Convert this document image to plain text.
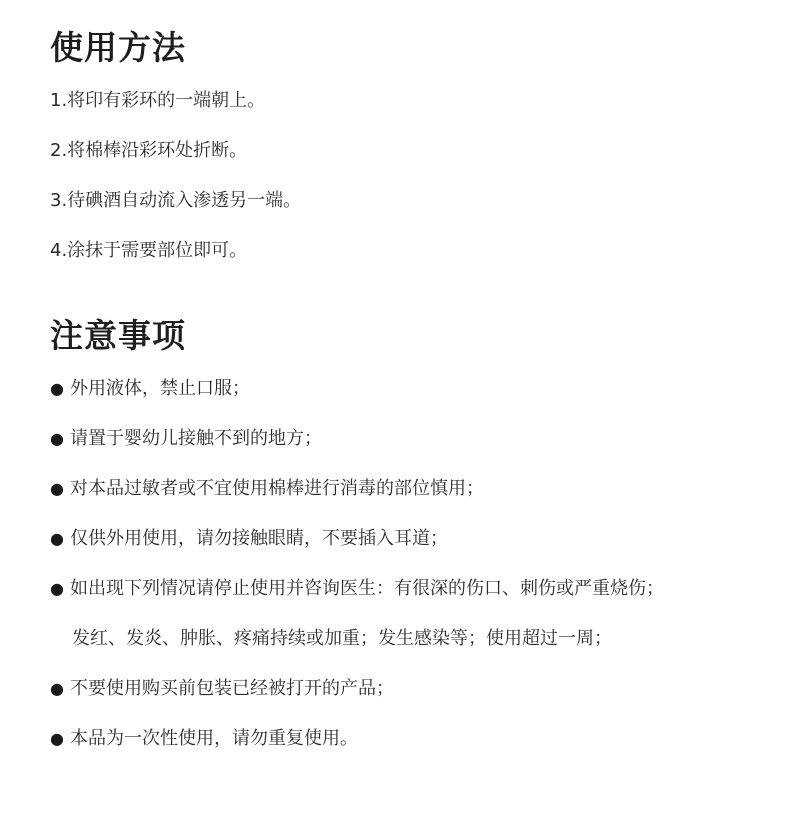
使用方法
1.将印有彩环的一端朝上。
2.将棉棒沿彩环处折断。
3.待碘酒自动流入渗透另一端。
4.涂抹于需要部位即可。
注意事项
● 外用液体，禁止口服；
● 请置于婴幼儿接触不到的地方；
● 对本品过敏者或不宜使用棉棒进行消毒的部位慎用；
● 仅供外用使用，请勿接触眼睛，不要插入耳道；
● 如出现下列情况请停止使用并咨询医生：有很深的伤口、刺伤或严重烧伤；
发红、发炎、肿胀、疼痛持续或加重；发生感染等；使用超过一周；
● 不要使用购买前包装已经被打开的产品；
● 本品为一次性使用，请勿重复使用。
